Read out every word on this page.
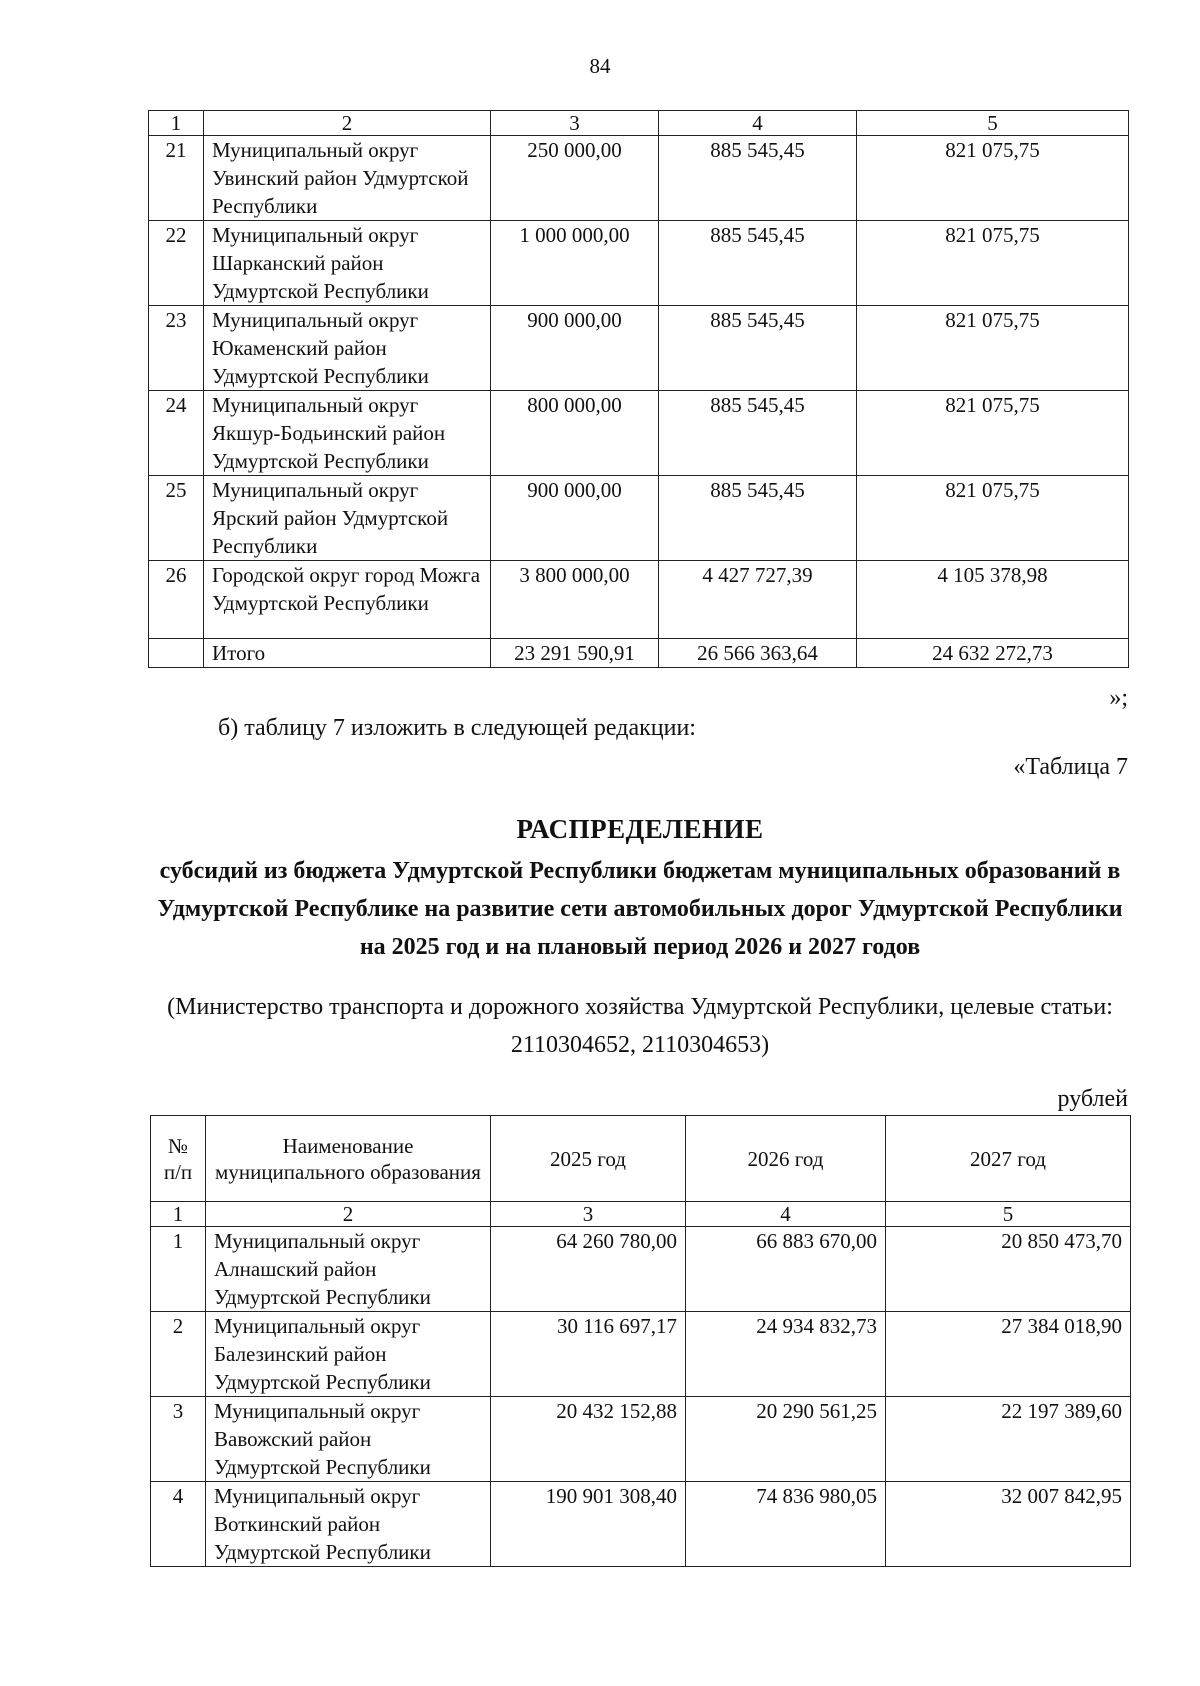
84
1	2	3	4	5
21	Муниципальный округ Увинский район Удмуртской Республики	250 000,00	885 545,45	821 075,75
22	Муниципальный округ Шарканский район Удмуртской Республики	1 000 000,00	885 545,45	821 075,75
23	Муниципальный округ Юкаменский район Удмуртской Республики	900 000,00	885 545,45	821 075,75
24	Муниципальный округ Якшур-Бодьинский район Удмуртской Республики	800 000,00	885 545,45	821 075,75
25	Муниципальный округ Ярский район Удмуртской Республики	900 000,00	885 545,45	821 075,75
26	Городской округ город Можга Удмуртской Республики	3 800 000,00	4 427 727,39	4 105 378,98
	Итого	23 291 590,91	26 566 363,64	24 632 272,73
»;
б) таблицу 7 изложить в следующей редакции:
«Таблица 7
РАСПРЕДЕЛЕНИЕ
субсидий из бюджета Удмуртской Республики бюджетам муниципальных образований в Удмуртской Республике на развитие сети автомобильных дорог Удмуртской Республики на 2025 год и на плановый период 2026 и 2027 годов
(Министерство транспорта и дорожного хозяйства Удмуртской Республики, целевые статьи: 2110304652, 2110304653)
рублей
№ п/п	Наименование муниципального образования	2025 год	2026 год	2027 год
1	2	3	4	5
1	Муниципальный округ Алнашский район Удмуртской Республики	64 260 780,00	66 883 670,00	20 850 473,70
2	Муниципальный округ Балезинский район Удмуртской Республики	30 116 697,17	24 934 832,73	27 384 018,90
3	Муниципальный округ Вавожский район Удмуртской Республики	20 432 152,88	20 290 561,25	22 197 389,60
4	Муниципальный округ Воткинский район Удмуртской Республики	190 901 308,40	74 836 980,05	32 007 842,95
